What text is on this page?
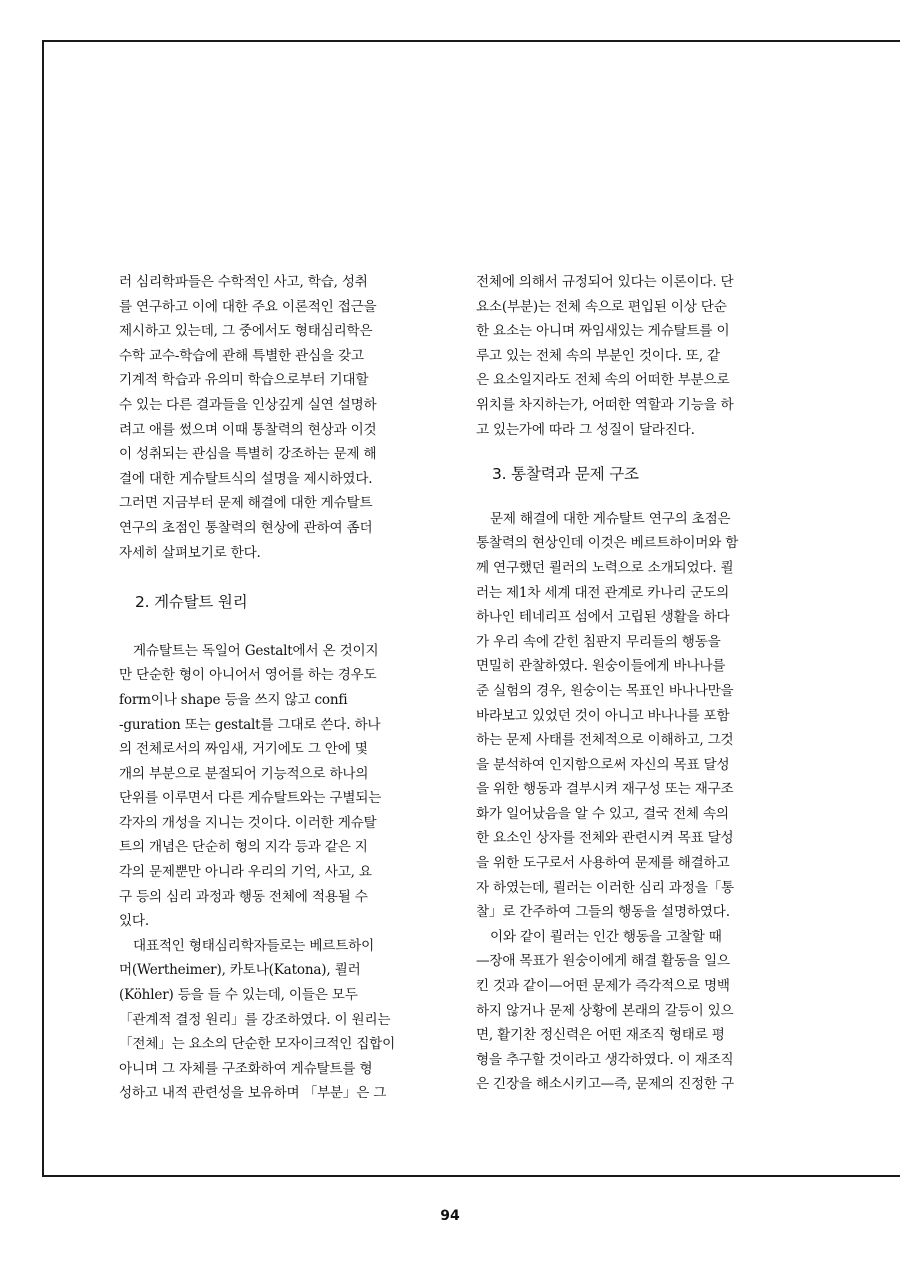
러 심리학파들은 수학적인 사고, 학습, 성취
를 연구하고 이에 대한 주요 이론적인 접근을
제시하고 있는데, 그 중에서도 형태심리학은
수학 교수-학습에 관해 특별한 관심을 갖고
기계적 학습과 유의미 학습으로부터 기대할
수 있는 다른 결과들을 인상깊게 실연 설명하
려고 애를 썼으며 이때 통찰력의 현상과 이것
이 성취되는 관심을 특별히 강조하는 문제 해
결에 대한 게슈탈트식의 설명을 제시하였다.
그러면 지금부터 문제 해결에 대한 게슈탈트
연구의 초점인 통찰력의 현상에 관하여 좀더
자세히 살펴보기로 한다.
2. 게슈탈트 원리
게슈탈트는 독일어 Gestalt에서 온 것이지
만 단순한 형이 아니어서 영어를 하는 경우도
form이나 shape 등을 쓰지 않고 confi
-guration 또는 gestalt를 그대로 쓴다. 하나
의 전체로서의 짜임새, 거기에도 그 안에 몇
개의 부분으로 분절되어 기능적으로 하나의
단위를 이루면서 다른 게슈탈트와는 구별되는
각자의 개성을 지니는 것이다. 이러한 게슈탈
트의 개념은 단순히 형의 지각 등과 같은 지
각의 문제뿐만 아니라 우리의 기억, 사고, 요
구 등의 심리 과정과 행동 전체에 적용될 수
있다.
대표적인 형태심리학자들로는 베르트하이
머(Wertheimer), 카토나(Katona), 쾰러
(Köhler) 등을 들 수 있는데, 이들은 모두
「관계적 결정 원리」를 강조하였다. 이 원리는
「전체」는 요소의 단순한 모자이크적인 집합이
아니며 그 자체를 구조화하여 게슈탈트를 형
성하고 내적 관련성을 보유하며 「부분」은 그
전체에 의해서 규정되어 있다는 이론이다. 단
요소(부분)는 전체 속으로 편입된 이상 단순
한 요소는 아니며 짜임새있는 게슈탈트를 이
루고 있는 전체 속의 부분인 것이다. 또, 같
은 요소일지라도 전체 속의 어떠한 부분으로
위치를 차지하는가, 어떠한 역할과 기능을 하
고 있는가에 따라 그 성질이 달라진다.
3. 통찰력과 문제 구조
문제 해결에 대한 게슈탈트 연구의 초점은
통찰력의 현상인데 이것은 베르트하이머와 함
께 연구했던 쾰러의 노력으로 소개되었다. 쾰
러는 제1차 세계 대전 관계로 카나리 군도의
하나인 테네리프 섬에서 고립된 생활을 하다
가 우리 속에 갇힌 침판지 무리들의 행동을
면밀히 관찰하였다. 원숭이들에게 바나나를
준 실험의 경우, 원숭이는 목표인 바나나만을
바라보고 있었던 것이 아니고 바나나를 포함
하는 문제 사태를 전체적으로 이해하고, 그것
을 분석하여 인지함으로써 자신의 목표 달성
을 위한 행동과 결부시켜 재구성 또는 재구조
화가 일어났음을 알 수 있고, 결국 전체 속의
한 요소인 상자를 전체와 관련시켜 목표 달성
을 위한 도구로서 사용하여 문제를 해결하고
자 하였는데, 쾰러는 이러한 심리 과정을「통
찰」로 간주하여 그들의 행동을 설명하였다.
이와 같이 쾰러는 인간 행동을 고찰할 때
—장애 목표가 원숭이에게 해결 활동을 일으
킨 것과 같이—어떤 문제가 즉각적으로 명백
하지 않거나 문제 상황에 본래의 갈등이 있으
면, 활기찬 정신력은 어떤 재조직 형태로 평
형을 추구할 것이라고 생각하였다. 이 재조직
은 긴장을 해소시키고—즉, 문제의 진정한 구
94
